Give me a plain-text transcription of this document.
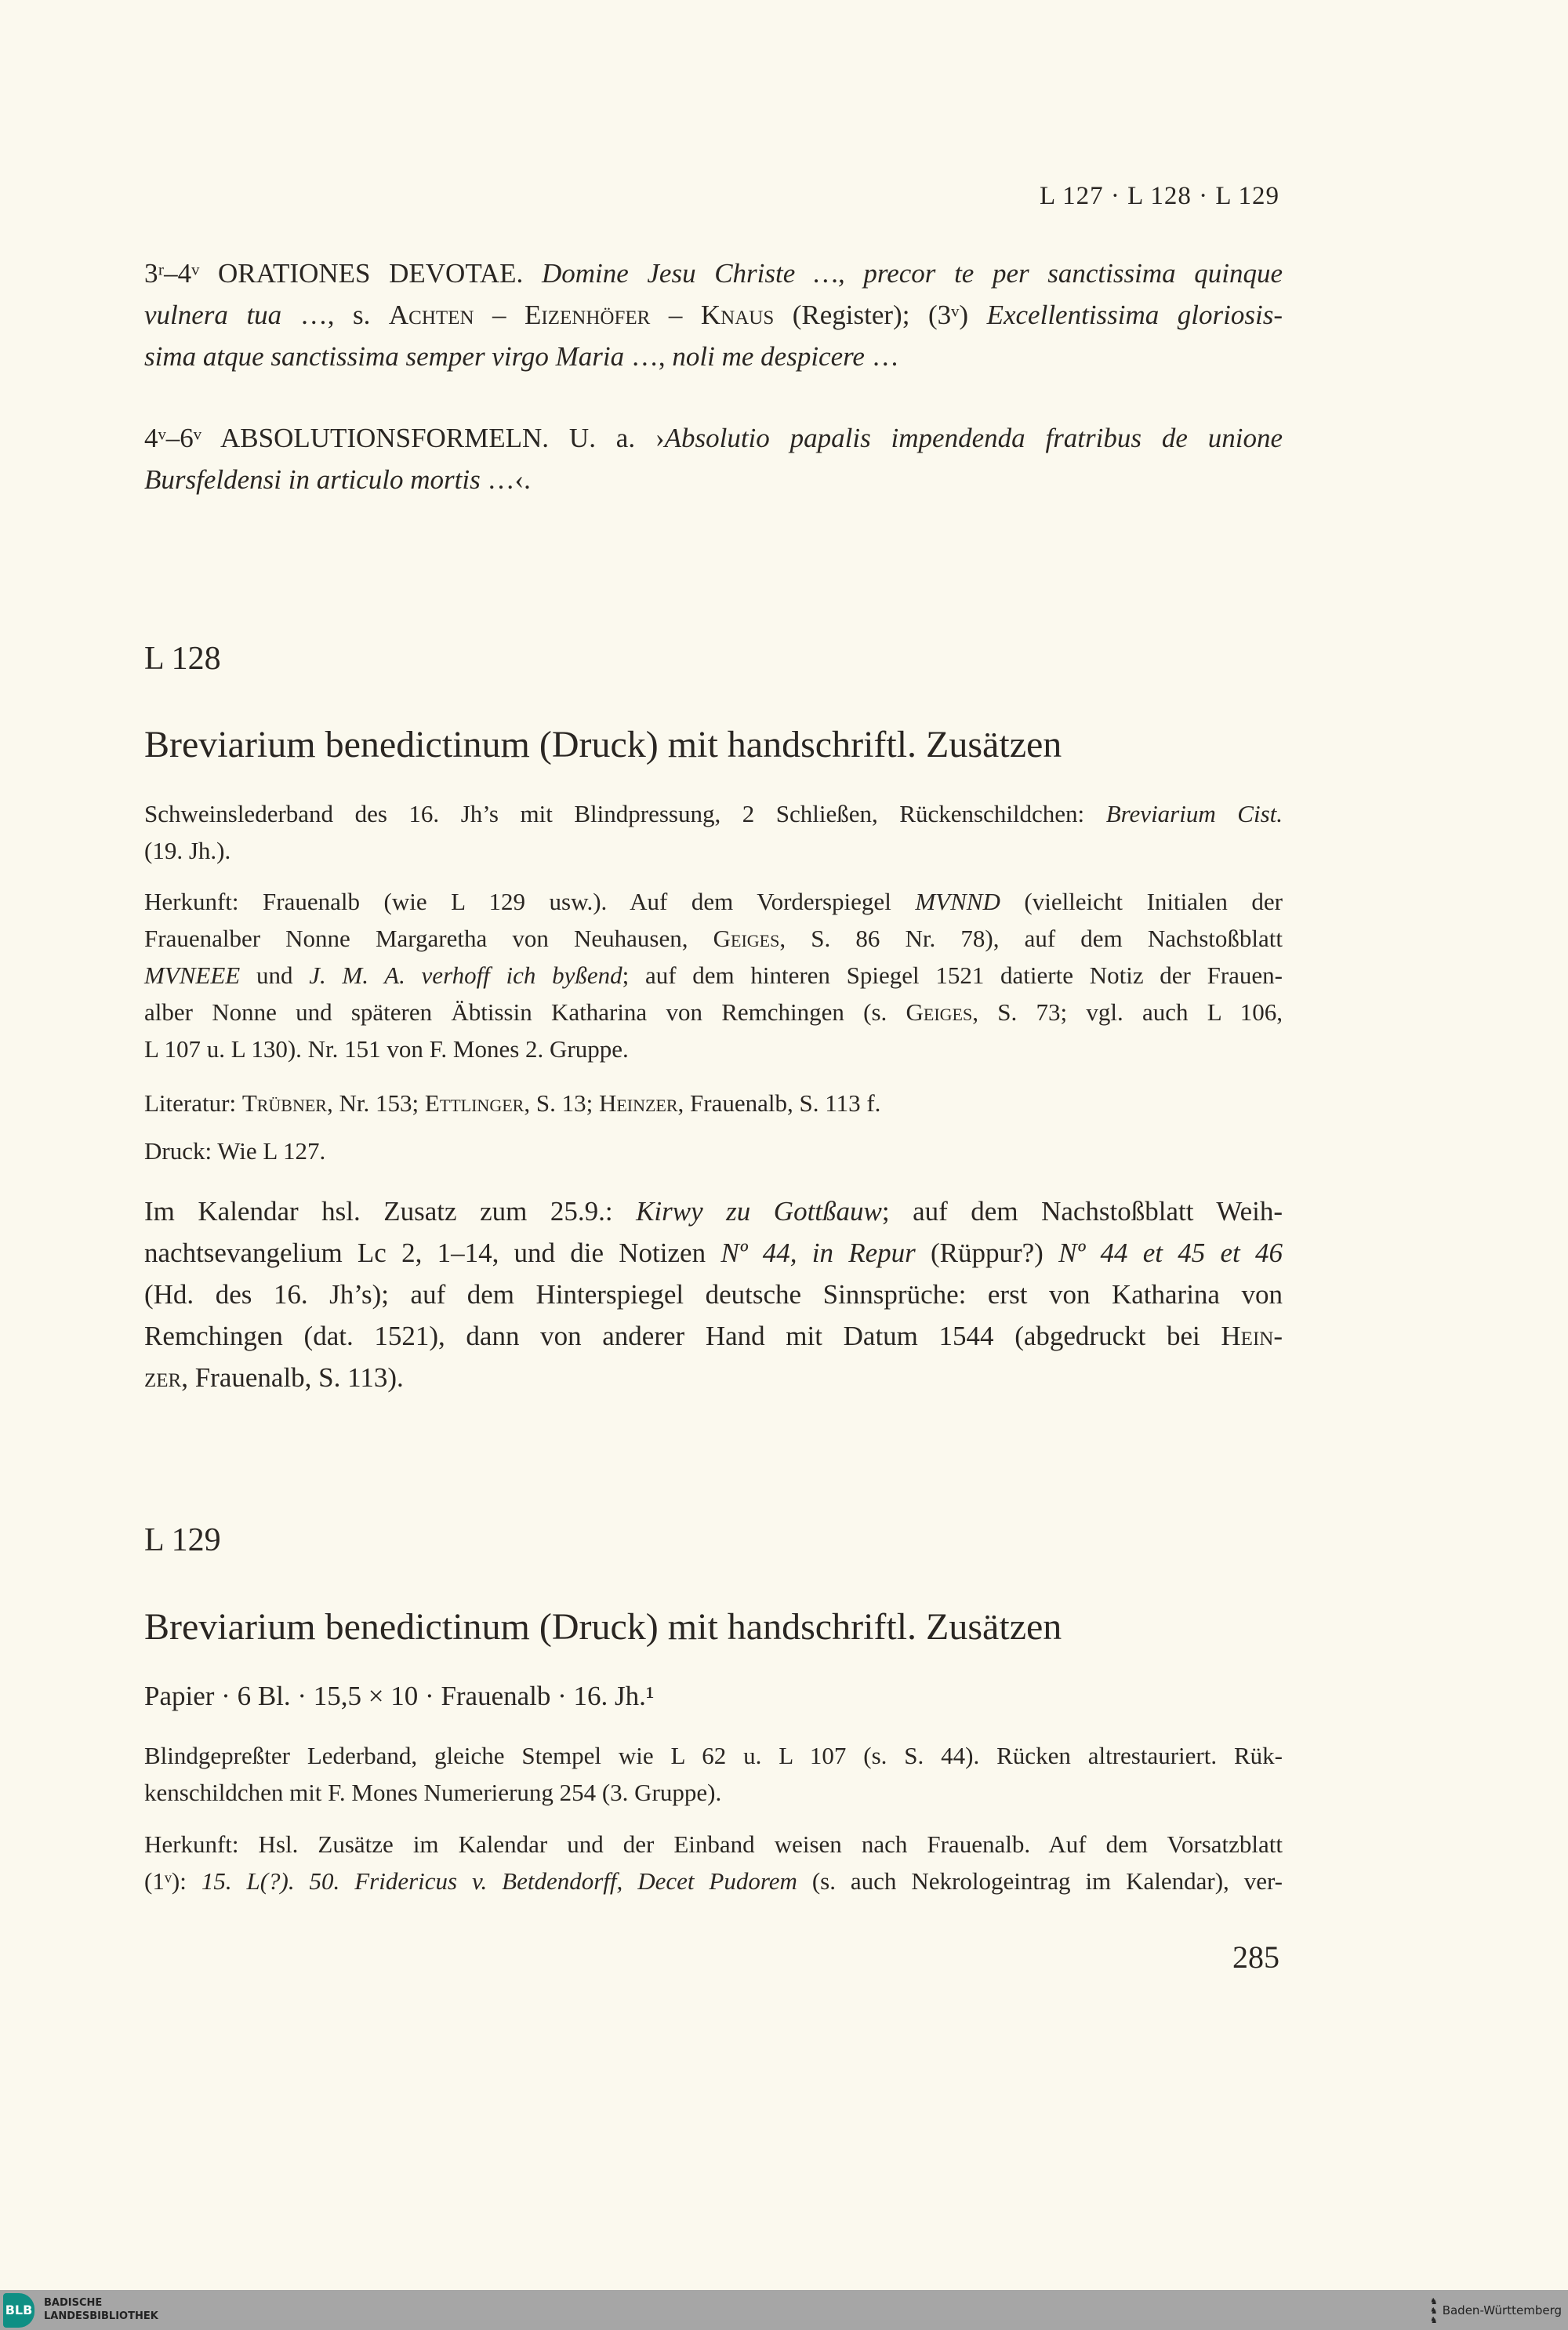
L 127 · L 128 · L 129
3ʳ–4ᵛ ORATIONES DEVOTAE. Domine Jesu Christe …, precor te per sanctissima quinque
vulnera tua …, s. Achten – Eizenhöfer – Knaus (Register); (3ᵛ) Excellentissima gloriosis-
sima atque sanctissima semper virgo Maria …, noli me despicere …
4ᵛ–6ᵛ ABSOLUTIONSFORMELN. U. a. ›Absolutio papalis impendenda fratribus de unione
Bursfeldensi in articulo mortis …‹.
L 128
Breviarium benedictinum (Druck) mit handschriftl. Zusätzen
Schweinslederband des 16. Jh’s mit Blindpressung, 2 Schließen, Rückenschildchen: Breviarium Cist.
(19. Jh.).
Herkunft: Frauenalb (wie L 129 usw.). Auf dem Vorderspiegel MVNND (vielleicht Initialen der
Frauenalber Nonne Margaretha von Neuhausen, Geiges, S. 86 Nr. 78), auf dem Nachstoßblatt
MVNEEE und J. M. A. verhoff ich byßend; auf dem hinteren Spiegel 1521 datierte Notiz der Frauen-
alber Nonne und späteren Äbtissin Katharina von Remchingen (s. Geiges, S. 73; vgl. auch L 106,
L 107 u. L 130). Nr. 151 von F. Mones 2. Gruppe.
Literatur: Trübner, Nr. 153; Ettlinger, S. 13; Heinzer, Frauenalb, S. 113 f.
Druck: Wie L 127.
Im Kalendar hsl. Zusatz zum 25.9.: Kirwy zu Gottßauw; auf dem Nachstoßblatt Weih-
nachtsevangelium Lc 2, 1–14, und die Notizen Nº 44, in Repur (Rüppur?) Nº 44 et 45 et 46
(Hd. des 16. Jh’s); auf dem Hinterspiegel deutsche Sinnsprüche: erst von Katharina von
Remchingen (dat. 1521), dann von anderer Hand mit Datum 1544 (abgedruckt bei Hein-
zer, Frauenalb, S. 113).
L 129
Breviarium benedictinum (Druck) mit handschriftl. Zusätzen
Papier · 6 Bl. · 15,5 × 10 · Frauenalb · 16. Jh.¹
Blindgepreßter Lederband, gleiche Stempel wie L 62 u. L 107 (s. S. 44). Rücken altrestauriert. Rük-
kenschildchen mit F. Mones Numerierung 254 (3. Gruppe).
Herkunft: Hsl. Zusätze im Kalendar und der Einband weisen nach Frauenalb. Auf dem Vorsatzblatt
(1ᵛ): 15. L(?). 50. Fridericus v. Betdendorff, Decet Pudorem (s. auch Nekrologeintrag im Kalendar), ver-
285
BLB BADISCHE
LANDESBIBLIOTHEK
♞
♞
♞Baden-Württemberg
